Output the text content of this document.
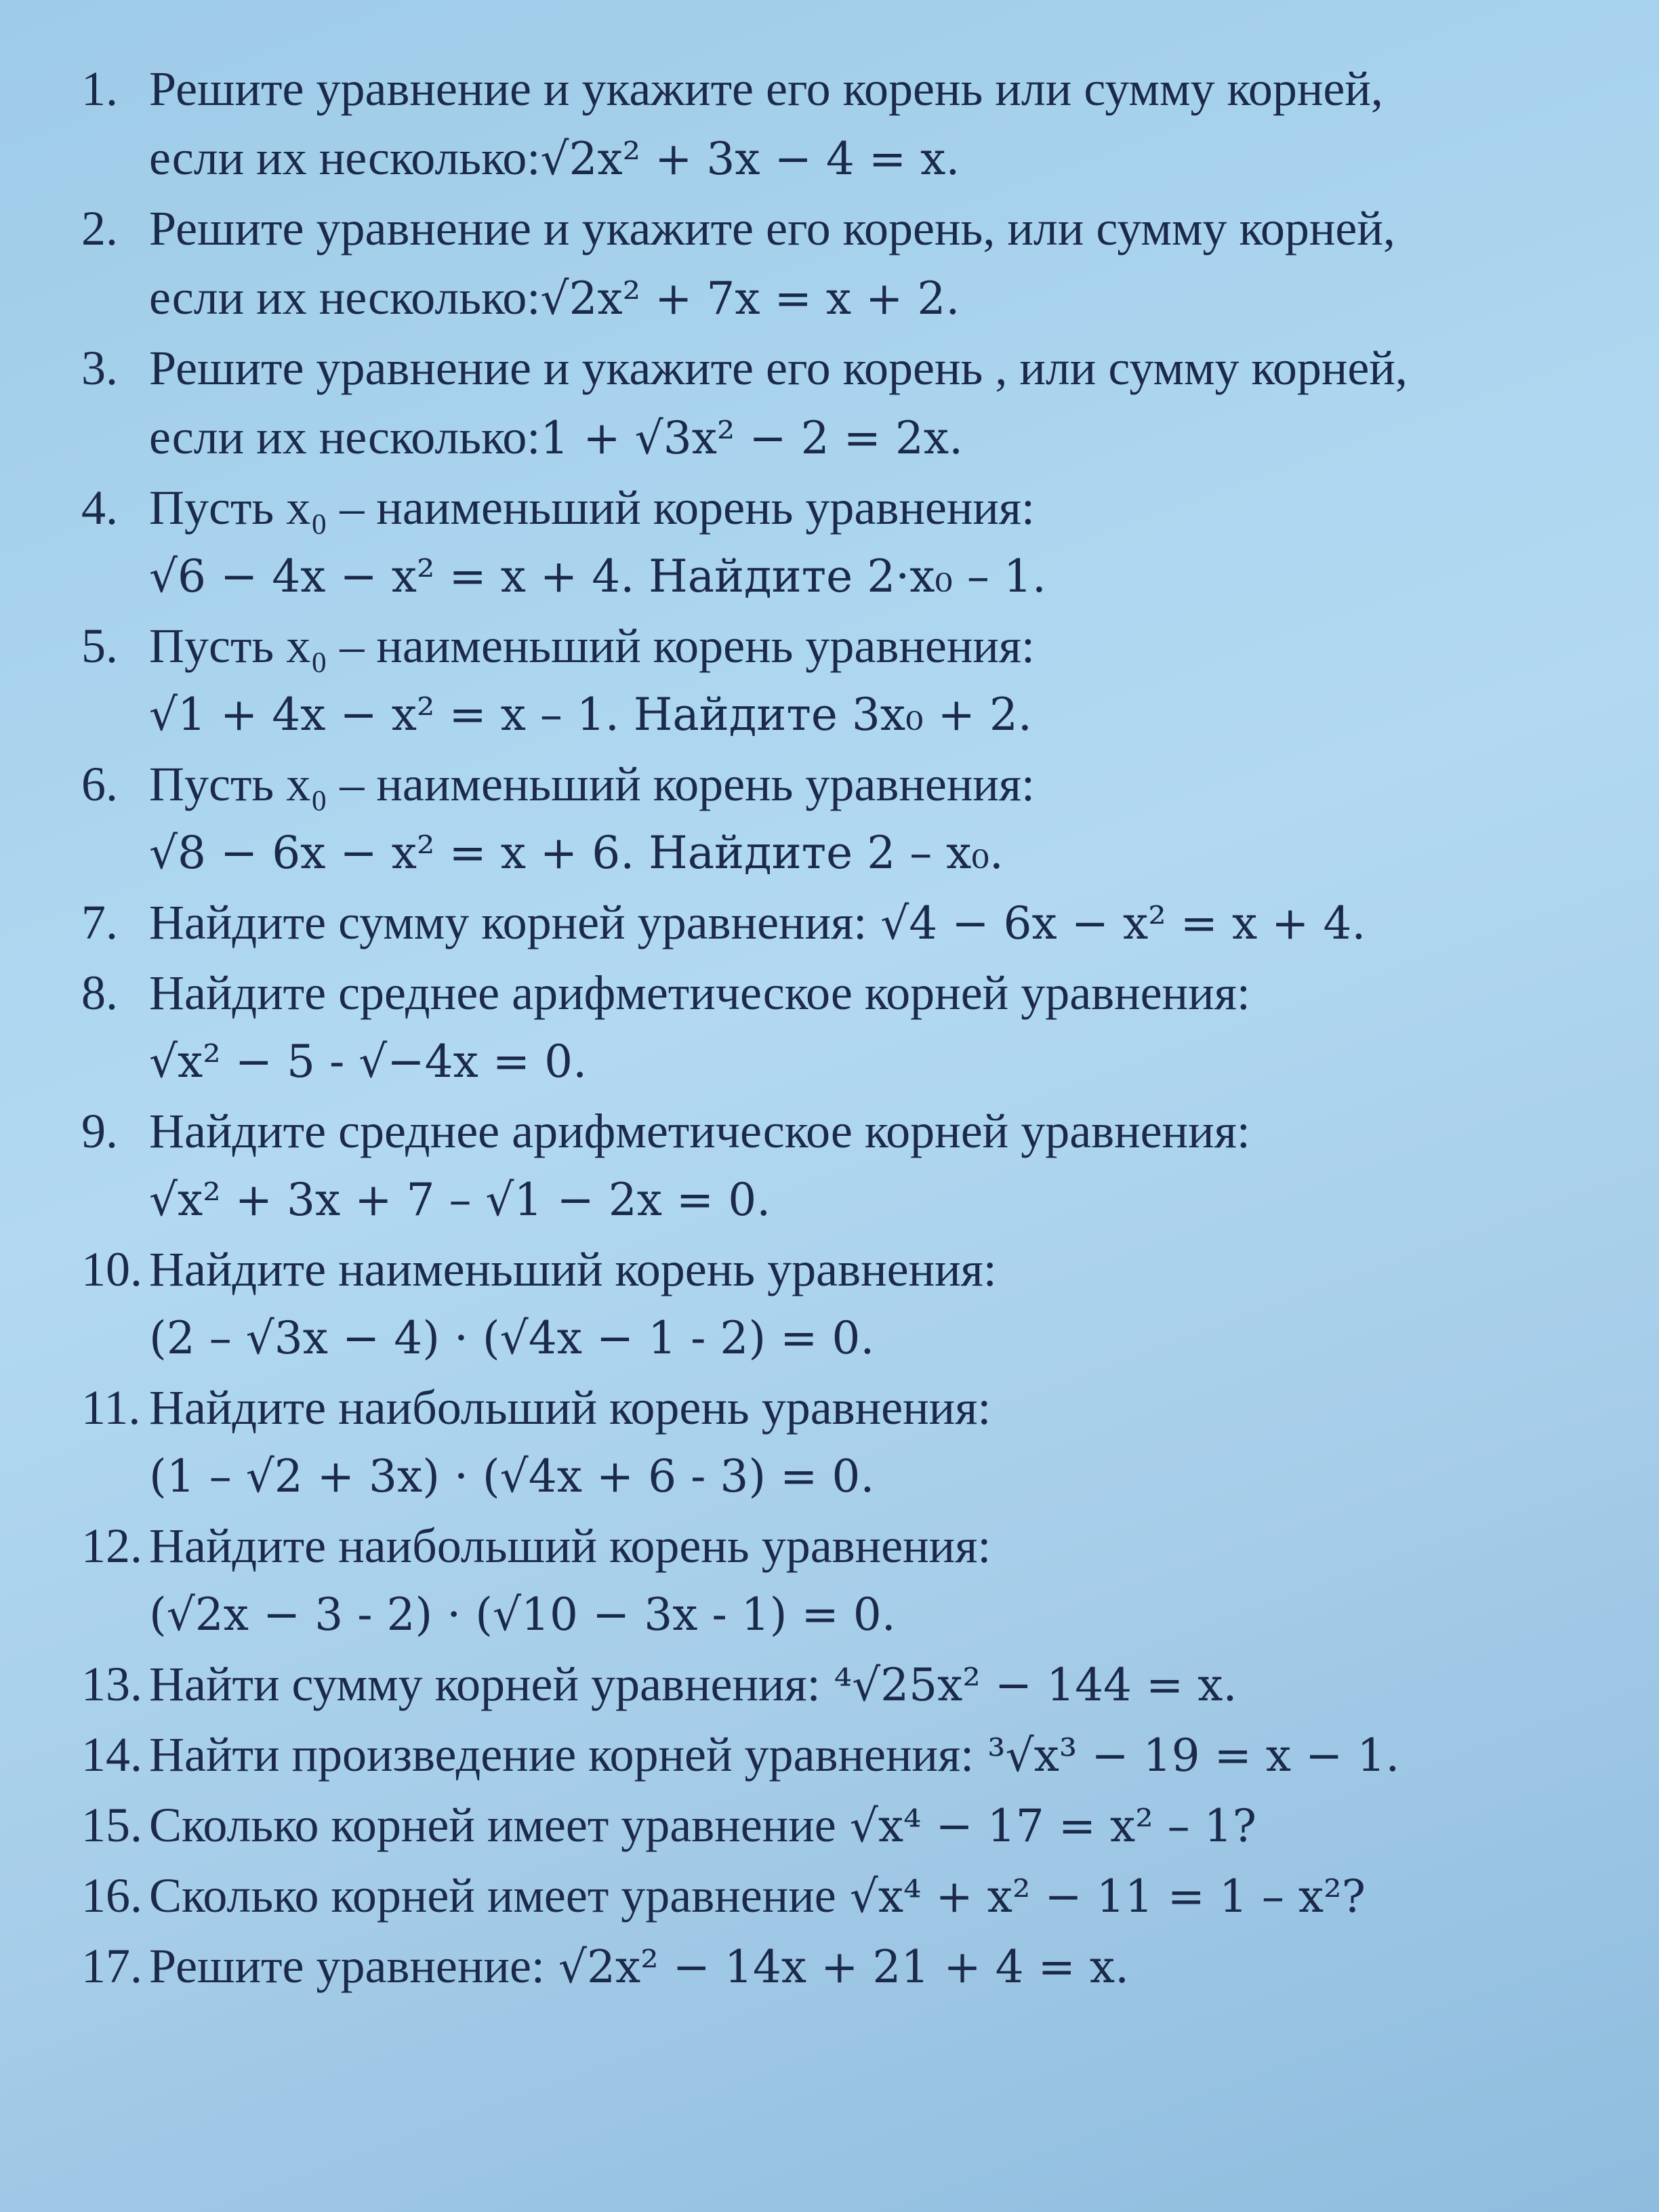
1. Решите уравнение и укажите его корень или сумму корней,
если их несколько: √2x² + 3x − 4 = x.
2. Решите уравнение и укажите его корень, или сумму корней,
если их несколько: √2x² + 7x = x + 2.
3. Решите уравнение и укажите его корень , или сумму корней,
если их несколько: 1 + √3x² − 2 = 2x.
4. Пусть x₀ – наименьший корень уравнения:
√6 − 4x − x² = x + 4. Найдите 2·x₀ – 1.
5. Пусть x₀ – наименьший корень уравнения:
√1 + 4x − x² = x – 1. Найдите 3x₀ + 2.
6. Пусть x₀ – наименьший корень уравнения:
√8 − 6x − x² = x + 6. Найдите 2 – x₀.
7. Найдите сумму корней уравнения: √4 − 6x − x² = x + 4.
8. Найдите среднее арифметическое корней уравнения:
√x² − 5 - √−4x = 0.
9. Найдите среднее арифметическое корней уравнения:
√x² + 3x + 7 – √1 − 2x = 0.
10. Найдите наименьший корень уравнения:
(2 – √3x − 4) · (√4x − 1 - 2) = 0.
11. Найдите наибольший корень уравнения:
(1 – √2 + 3x) · (√4x + 6 - 3) = 0.
12. Найдите наибольший корень уравнения:
(√2x − 3 - 2) · (√10 − 3x - 1) = 0.
13. Найти сумму корней уравнения: ⁴√25x² − 144 = x.
14. Найти произведение корней уравнения: ³√x³ − 19 = x − 1.
15. Сколько корней имеет уравнение √x⁴ − 17 = x² – 1?
16. Сколько корней имеет уравнение √x⁴ + x² − 11 = 1 – x²?
17. Решите уравнение: √2x² − 14x + 21 + 4 = x.
